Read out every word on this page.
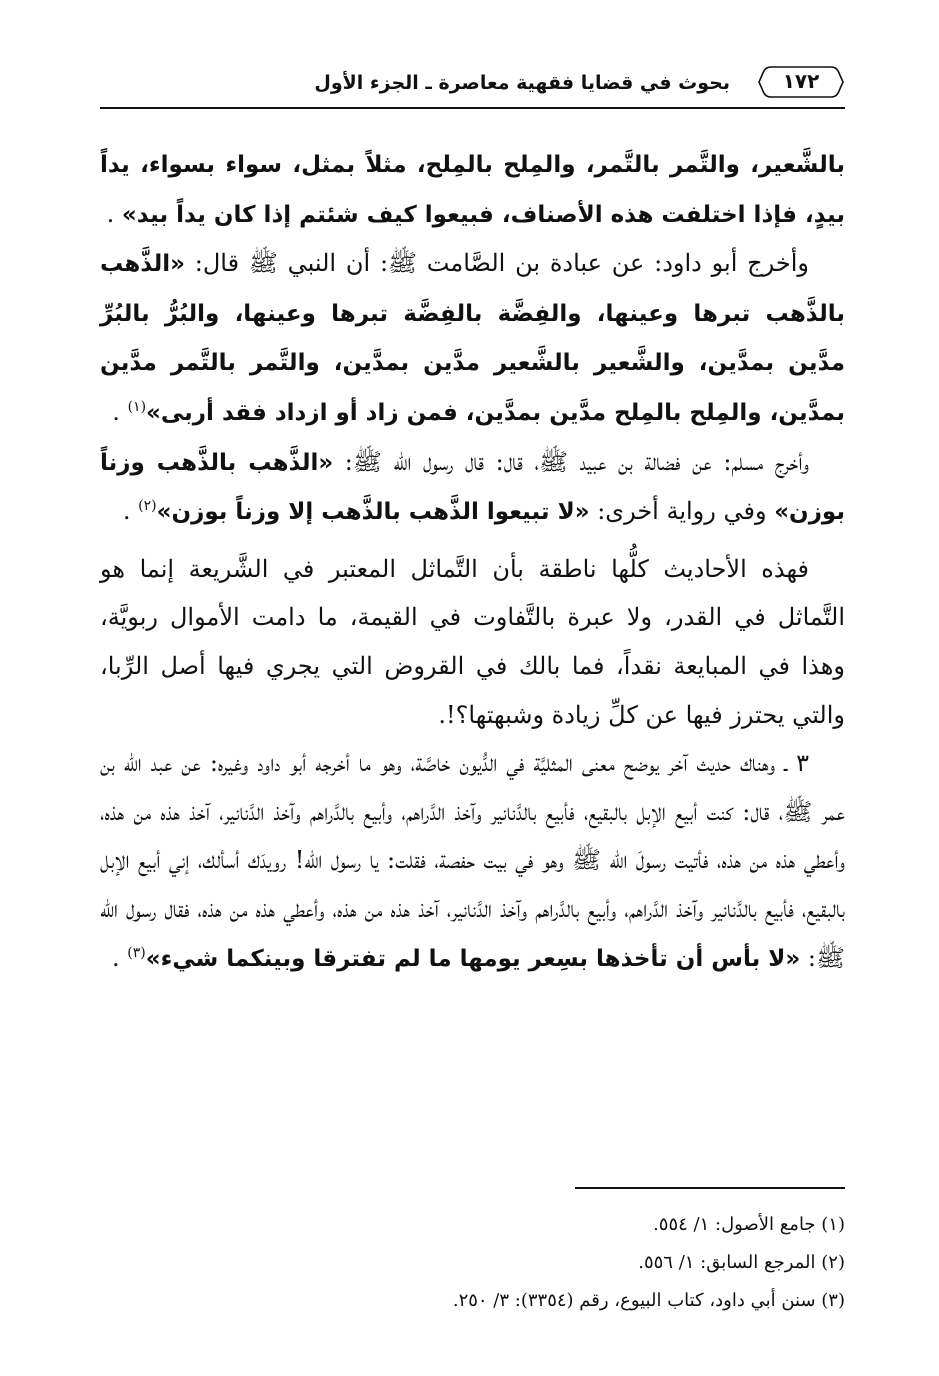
بحوث في قضايا فقهية معاصرة ـ الجزء الأول	١٧٢

بالشَّعير، والتَّمر بالتَّمر، والمِلح بالمِلح، مثلاً بمثل، سواء بسواء، يداً بيدٍ، فإذا اختلفت هذه الأصناف، فبيعوا كيف شئتم إذا كان يداً بيد» .

وأخرج أبو داود: عن عبادة بن الصَّامت ﷺ: أن النبي ﷺ قال: «الذَّهب بالذَّهب تبرها وعينها، والفِضَّة بالفِضَّة تبرها وعينها، والبُرُّ بالبُرِّ مدَّين بمدَّين، والشَّعير بالشَّعير مدَّين بمدَّين، والتَّمر بالتَّمر مدَّين بمدَّين، والمِلح بالمِلح مدَّين بمدَّين، فمن زاد أو ازداد فقد أربى»$^{(١)}$ .

وأخرج مسلم: عن فضالة بن عبيد ﷺ، قال: قال رسول الله ﷺ: «الذَّهب بالذَّهب وزناً بوزن» وفي رواية أخرى: «لا تبيعوا الذَّهب بالذَّهب إلا وزناً بوزن»$^{(٢)}$ .

فهذه الأحاديث كلُّها ناطقة بأن التَّماثل المعتبر في الشَّريعة إنما هو التَّماثل في القدر، ولا عبرة بالتَّفاوت في القيمة، ما دامت الأموال ربويَّة، وهذا في المبايعة نقداً، فما بالك في القروض التي يجري فيها أصل الرِّبا، والتي يحترز فيها عن كلِّ زيادة وشبهتها؟!.

٣ ـ وهناك حديث آخر يوضح معنى المثليَّة في الدُّيون خاصَّة، وهو ما أخرجه أبو داود وغيره: عن عبد الله بن عمر ﷺ، قال: كنت أبيع الإبل بالبقيع، فأبيع بالدَّنانير وآخذ الدَّراهم، وأبيع بالدَّراهم وآخذ الدَّنانير، آخذ هذه من هذه، وأعطي هذه من هذه، فأتيت رسولَ الله ﷺ وهو في بيت حفصة، فقلت: يا رسول الله! رويدَك أسألك، إني أبيع الإبل بالبقيع، فأبيع بالدَّنانير وآخذ الدَّراهم، وأبيع بالدَّراهم وآخذ الدَّنانير، آخذ هذه من هذه، وأعطي هذه من هذه، فقال رسول الله ﷺ: «لا بأس أن تأخذها بسِعر يومها ما لم تفترقا وبينكما شيء»$^{(٣)}$ .

(١) جامع الأصول: ١/ ٥٥٤.

(٢) المرجع السابق: ١/ ٥٥٦.

(٣) سنن أبي داود، كتاب البيوع، رقم (٣٣٥٤): ٣/ ٢٥٠.
